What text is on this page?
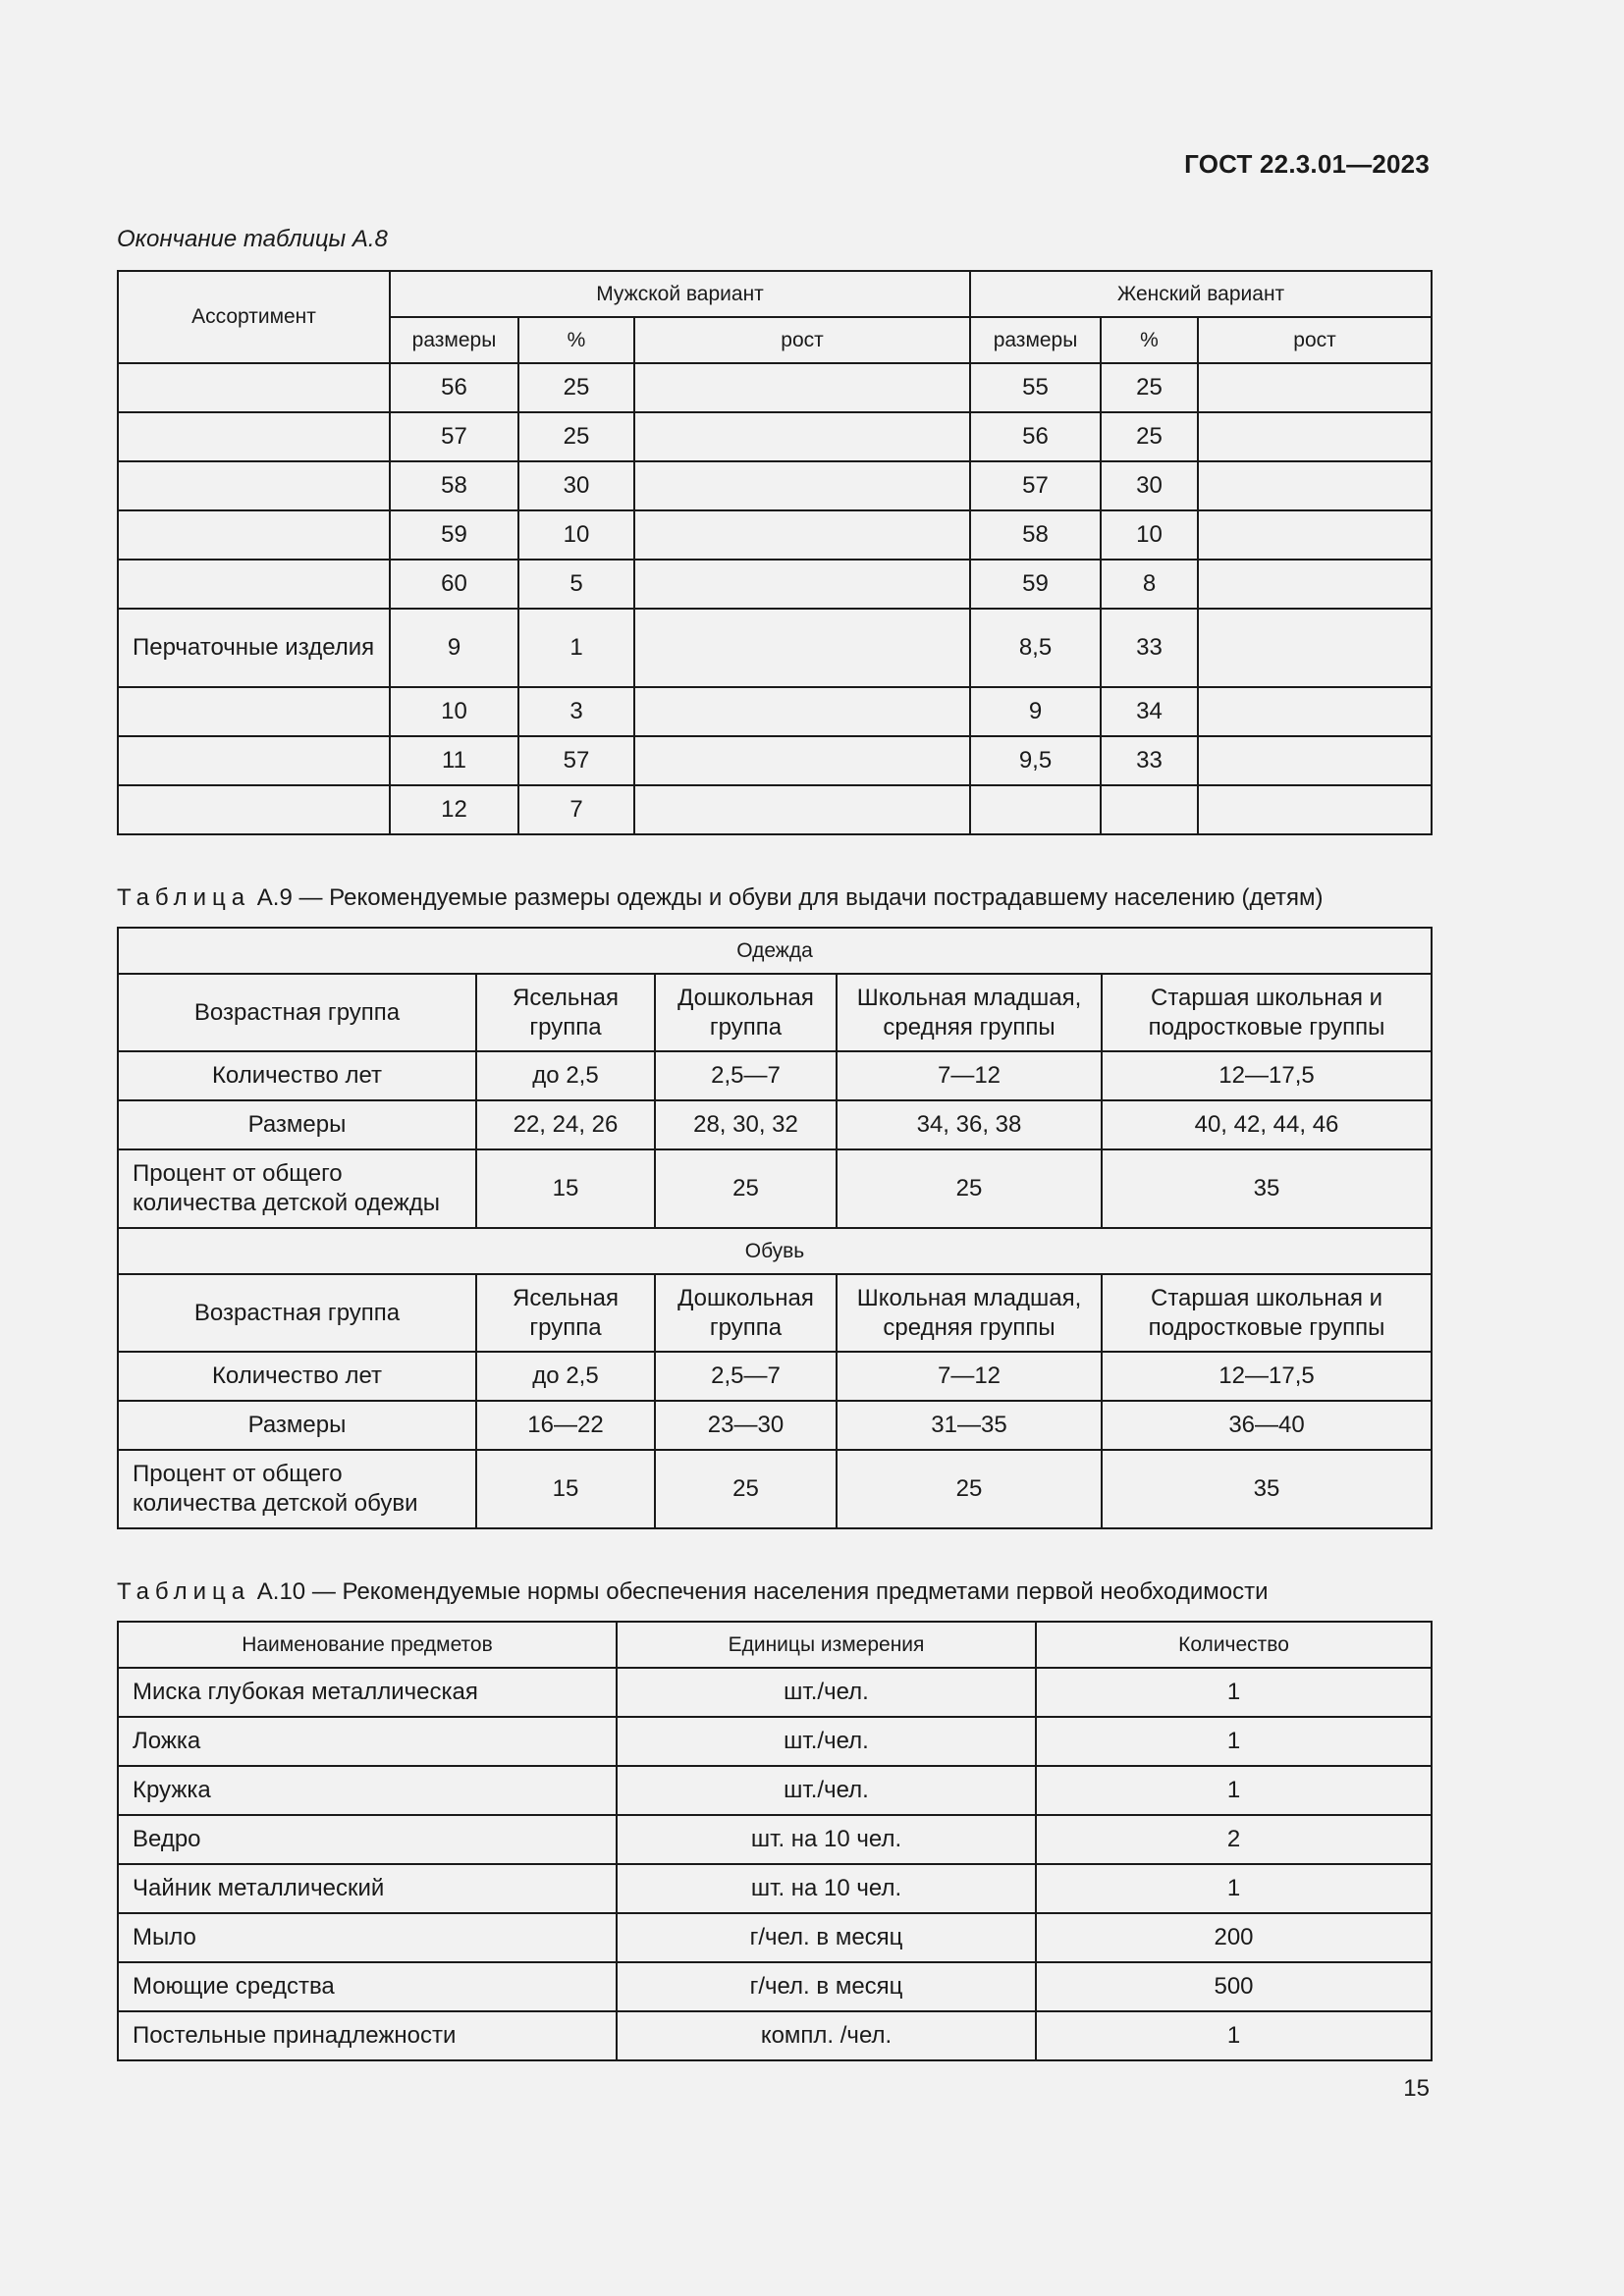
ГОСТ 22.3.01—2023
Окончание таблицы А.8
Ассортимент	Мужской вариант			Женский вариант		
	размеры	%	рост	размеры	%	рост
	56	25		55	25	
	57	25		56	25	
	58	30		57	30	
	59	10		58	10	
	60	5		59	8	
Перчаточные изделия	9	1		8,5	33	
	10	3		9	34	
	11	57		9,5	33	
	12	7				
Таблица А.9 — Рекомендуемые размеры одежды и обуви для выдачи пострадавшему населению (детям)
Одежда				
Возрастная группа	Ясельная группа	Дошкольная группа	Школьная младшая, средняя группы	Старшая школьная и подростковые группы
Количество лет	до 2,5	2,5—7	7—12	12—17,5
Размеры	22, 24, 26	28, 30, 32	34, 36, 38	40, 42, 44, 46
Процент от общего количества детской одежды	15	25	25	35
Обувь				
Возрастная группа	Ясельная группа	Дошкольная группа	Школьная младшая, средняя группы	Старшая школьная и подростковые группы
Количество лет	до 2,5	2,5—7	7—12	12—17,5
Размеры	16—22	23—30	31—35	36—40
Процент от общего количества детской обуви	15	25	25	35
Таблица А.10 — Рекомендуемые нормы обеспечения населения предметами первой необходимости
Наименование предметов	Единицы измерения	Количество
Миска глубокая металлическая	шт./чел.	1
Ложка	шт./чел.	1
Кружка	шт./чел.	1
Ведро	шт. на 10 чел.	2
Чайник металлический	шт. на 10 чел.	1
Мыло	г/чел. в месяц	200
Моющие средства	г/чел. в месяц	500
Постельные принадлежности	компл. /чел.	1
15
